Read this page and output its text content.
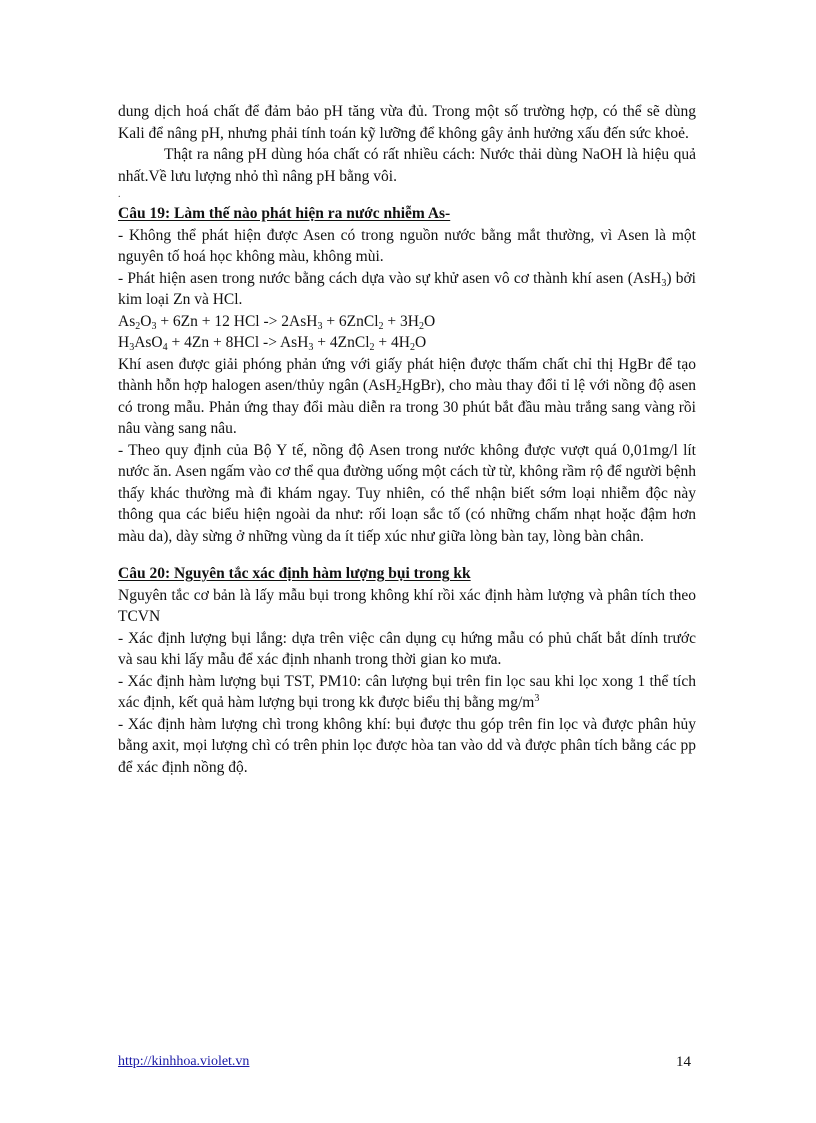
dung dịch hoá chất để đảm bảo pH tăng vừa đủ. Trong một số trường hợp, có thể sẽ dùng Kali để nâng pH, nhưng phải tính toán kỹ lưỡng để không gây ảnh hưởng xấu đến sức khoẻ.

Thật ra nâng pH dùng hóa chất có rất nhiều cách: Nước thải dùng NaOH là hiệu quả nhất.Về lưu lượng nhỏ thì nâng pH bằng vôi.

.

Câu 19: Làm thế nào phát hiện ra nước nhiễm As-

- Không thể phát hiện được Asen có trong nguồn nước bằng mắt thường, vì Asen là một nguyên tố hoá học không màu, không mùi.

- Phát hiện asen trong nước bằng cách dựa vào sự khử asen vô cơ thành khí asen (AsH$_3$) bởi kim loại Zn và HCl.

$As_2O_3 + 6Zn + 12$ HCl -> 2AsH$_3$ + 6ZnCl$_2$ + $3H_2O$

$H_3AsO_4 + 4Zn + 8HCl -> AsH_3$ + 4ZnCl$_2$ + $4H_2O$

Khí asen được giải phóng phản ứng với giấy phát hiện được thấm chất chỉ thị HgBr để tạo thành hỗn hợp halogen asen/thủy ngân (AsH$_2$HgBr), cho màu thay đổi tỉ lệ với nồng độ asen có trong mẫu. Phản ứng thay đổi màu diễn ra trong 30 phút bắt đầu màu trắng sang vàng rồi nâu vàng sang nâu.

- Theo quy định của Bộ Y tế, nồng độ Asen trong nước không được vượt quá 0,01mg/l lít nước ăn. Asen ngấm vào cơ thể qua đường uống một cách từ từ, không rầm rộ để người bệnh thấy khác thường mà đi khám ngay. Tuy nhiên, có thể nhận biết sớm loại nhiễm độc này thông qua các biểu hiện ngoài da như: rối loạn sắc tố (có những chấm nhạt hoặc đậm hơn màu da), dày sừng ở những vùng da ít tiếp xúc như giữa lòng bàn tay, lòng bàn chân.

Câu 20: Nguyên tắc xác định hàm lượng bụi trong kk

Nguyên tắc cơ bản là lấy mẫu bụi trong không khí rồi xác định hàm lượng và phân tích theo TCVN

- Xác định lượng bụi lắng: dựa trên việc cân dụng cụ hứng mẫu có phủ chất bắt dính trước và sau khi lấy mẫu để xác định nhanh trong thời gian ko mưa.

- Xác định hàm lượng bụi TST, PM10: cân lượng bụi trên fin lọc sau khi lọc xong 1 thể tích xác định, kết quả hàm lượng bụi trong kk được biểu thị bằng $mg/m^3$

- Xác định hàm lượng chì trong không khí: bụi được thu góp trên fin lọc và được phân hủy bằng axit, mọi lượng chì có trên phin lọc được hòa tan vào dd và được phân tích bằng các pp để xác định nồng độ.

http://kinhhoa.violet.vn	14
